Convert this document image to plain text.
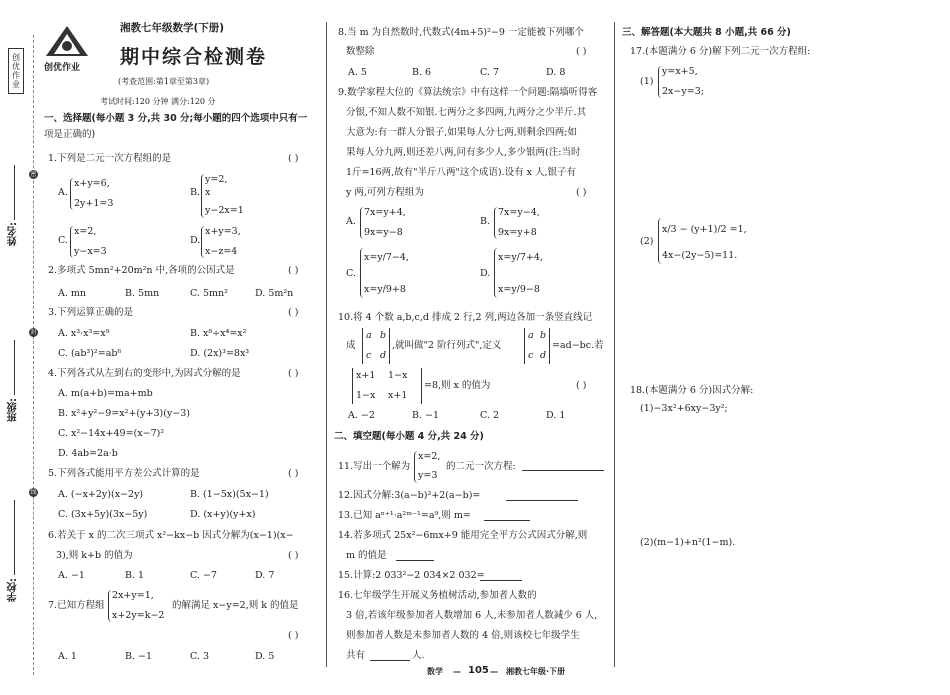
创优作业
密
封
线
姓名:
班级:
学校:
创优作业
湘教七年级数学(下册)
期中综合检测卷
(考查范围:第1章至第3章)
考试时间:120 分钟 满分:120 分
一、选择题(每小题 3 分,共 30 分;每小题的四个选项中只有一
项是正确的)
1.下列是二元一次方程组的是	( )
A.
x+y=6,
2y+1=3
B.
y=2,
x
y−2x=1
C.
x=2,
y−x=3
D.
x+y=3,
x−z=4
2.多项式 5mn²+20m²n 中,各项的公因式是	( )
A. mn	B. 5mn	C. 5mn²	D. 5m²n
3.下列运算正确的是	( )
A. x³·x³=x⁹	B. x⁸÷x⁴=x²
C. (ab³)²=ab⁶	D. (2x)³=8x³
4.下列各式从左到右的变形中,为因式分解的是	( )
A. m(a+b)=ma+mb
B. x²+y²−9=x²+(y+3)(y−3)
C. x²−14x+49=(x−7)²
D. 4ab=2a·b
5.下列各式能用平方差公式计算的是	( )
A. (−x+2y)(x−2y)	B. (1−5x)(5x−1)
C. (3x+5y)(3x−5y)	D. (x+y)(y+x)
6.若关于 x 的二次三项式 x²−kx−b 因式分解为(x−1)(x−
3),则 k+b 的值为	( )
A. −1	B. 1	C. −7	D. 7
7.已知方程组
2x+y=1,
x+2y=k−2
的解满足 x−y=2,则 k 的值是
( )
A. 1	B. −1	C. 3	D. 5
8.当 m 为自然数时,代数式(4m+5)²−9 一定能被下列哪个
数整除	( )
A. 5	B. 6	C. 7	D. 8
9.数学家程大位的《算法统宗》中有这样一个问题:隔墙听得客
分银,不知人数不知银.七两分之多四两,九两分之少半斤.其
大意为:有一群人分银子,如果每人分七两,则剩余四两;如
果每人分九两,则还差八两,问有多少人,多少银两(注:当时
1斤=16两,故有"半斤八两"这个成语).设有 x 人,银子有
y 两,可列方程组为	( )
A.
7x=y+4,
9x=y−8
B.
7x=y−4,
9x=y+8
C.
x=y/7−4,
x=y/9+8
D.
x=y/7+4,
x=y/9−8
10.将 4 个数 a,b,c,d 排成 2 行,2 列,两边各加一条竖直线记
成
a b
c d
,就叫做"2 阶行列式",定义
a b
c d
=ad−bc.若
x+1 1−x
1−x x+1
=8,则 x 的值为	( )
A. −2	B. −1	C. 2	D. 1
二、填空题(每小题 4 分,共 24 分)
11.写出一个解为
x=2,
y=3
的二元一次方程:
12.因式分解:3(a−b)²+2(a−b)=
13.已知 aⁿ⁺¹·a²ᵐ⁻¹=a⁹,则 m=
14.若多项式 25x²−6mx+9 能用完全平方公式因式分解,则
m 的值是
15.计算:2 033²−2 034×2 032=
16.七年级学生开展义务植树活动,参加者人数的
3 倍,若该年级参加者人数增加 6 人,未参加者人数减少 6 人,
则参加者人数是未参加者人数的 4 倍,则该校七年级学生
共有	人.
三、解答题(本大题共 8 小题,共 66 分)
17.(本题满分 6 分)解下列二元一次方程组:
(1)
y=x+5,
2x−y=3;
(2)
x/3 − (y+1)/2 =1,
4x−(2y−5)=11.
18.(本题满分 6 分)因式分解:
(1)−3x²+6xy−3y²;
(2)(m−1)+n²(1−m).
数学 — 105 — 湘教七年级·下册
